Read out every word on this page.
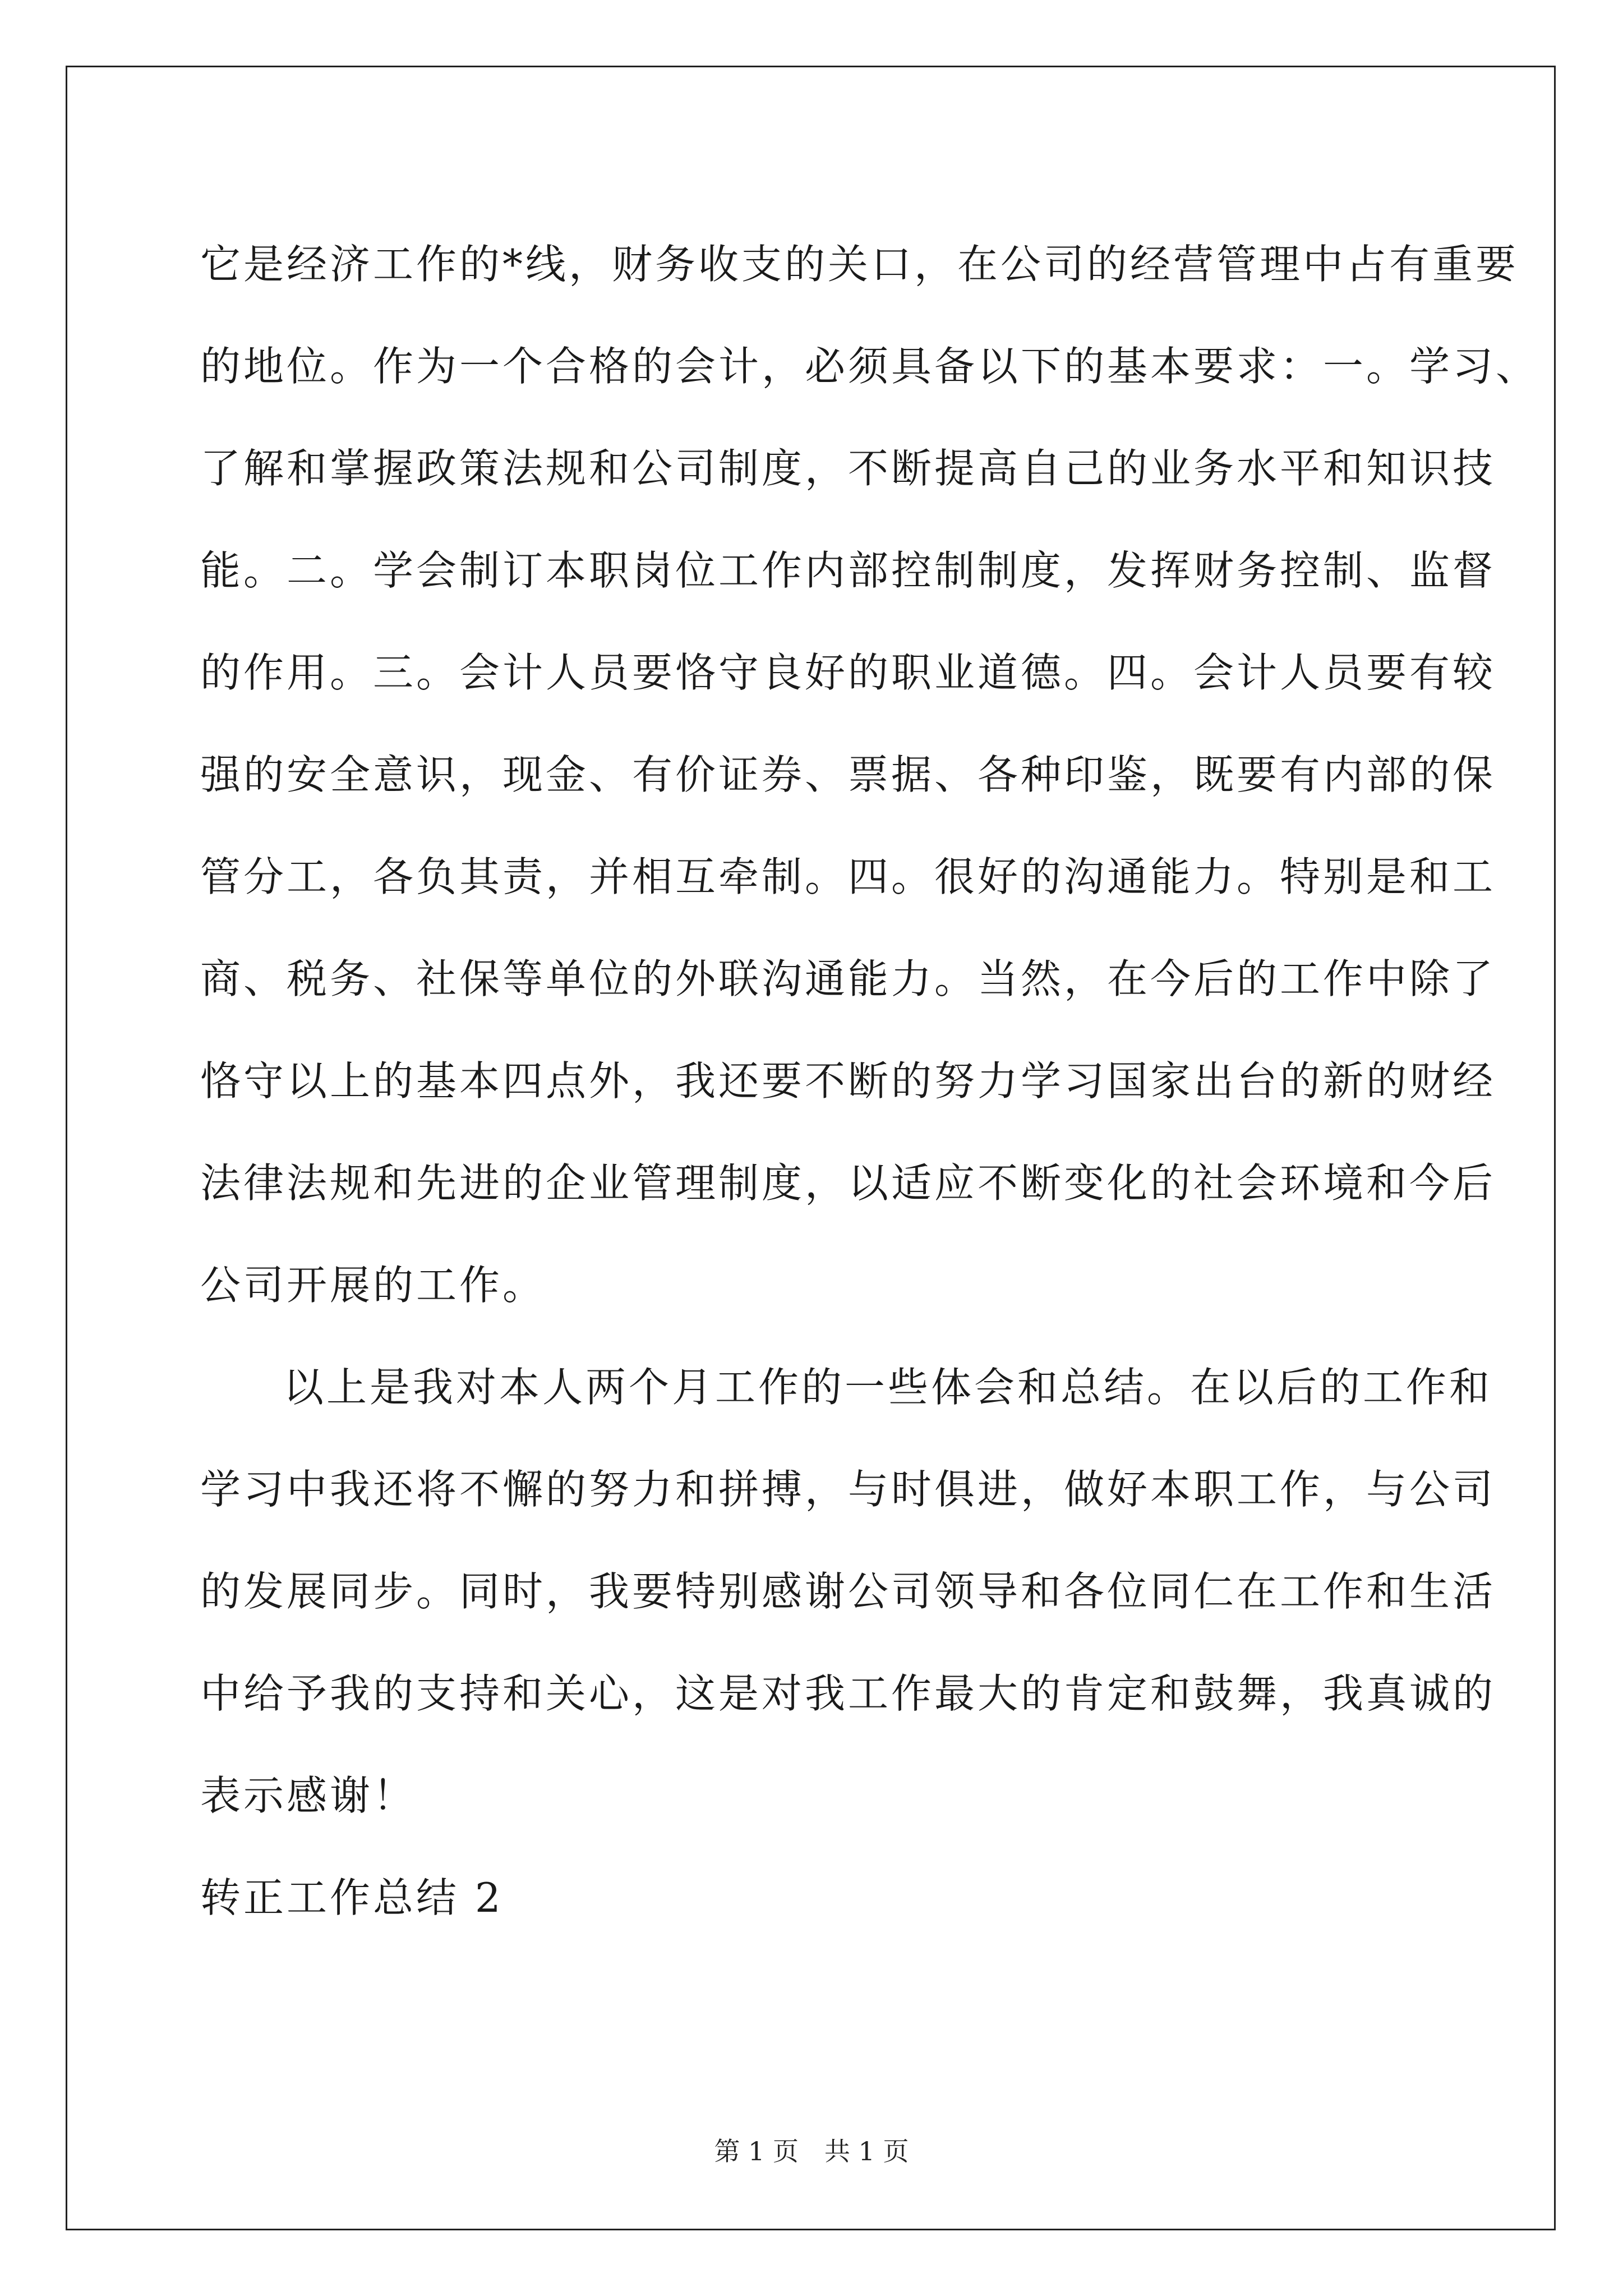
它是经济工作的*线，财务收支的关口，在公司的经营管理中占有重要
的地位。作为一个合格的会计，必须具备以下的基本要求：一。学习、
了解和掌握政策法规和公司制度，不断提高自己的业务水平和知识技
能。二。学会制订本职岗位工作内部控制制度，发挥财务控制、监督
的作用。三。会计人员要恪守良好的职业道德。四。会计人员要有较
强的安全意识，现金、有价证券、票据、各种印鉴，既要有内部的保
管分工，各负其责，并相互牵制。四。很好的沟通能力。特别是和工
商、税务、社保等单位的外联沟通能力。当然，在今后的工作中除了
恪守以上的基本四点外，我还要不断的努力学习国家出台的新的财经
法律法规和先进的企业管理制度，以适应不断变化的社会环境和今后
公司开展的工作。
以上是我对本人两个月工作的一些体会和总结。在以后的工作和
学习中我还将不懈的努力和拼搏，与时俱进，做好本职工作，与公司
的发展同步。同时，我要特别感谢公司领导和各位同仁在工作和生活
中给予我的支持和关心，这是对我工作最大的肯定和鼓舞，我真诚的
表示感谢！
转正工作总结 2
第 1 页　共 1 页
